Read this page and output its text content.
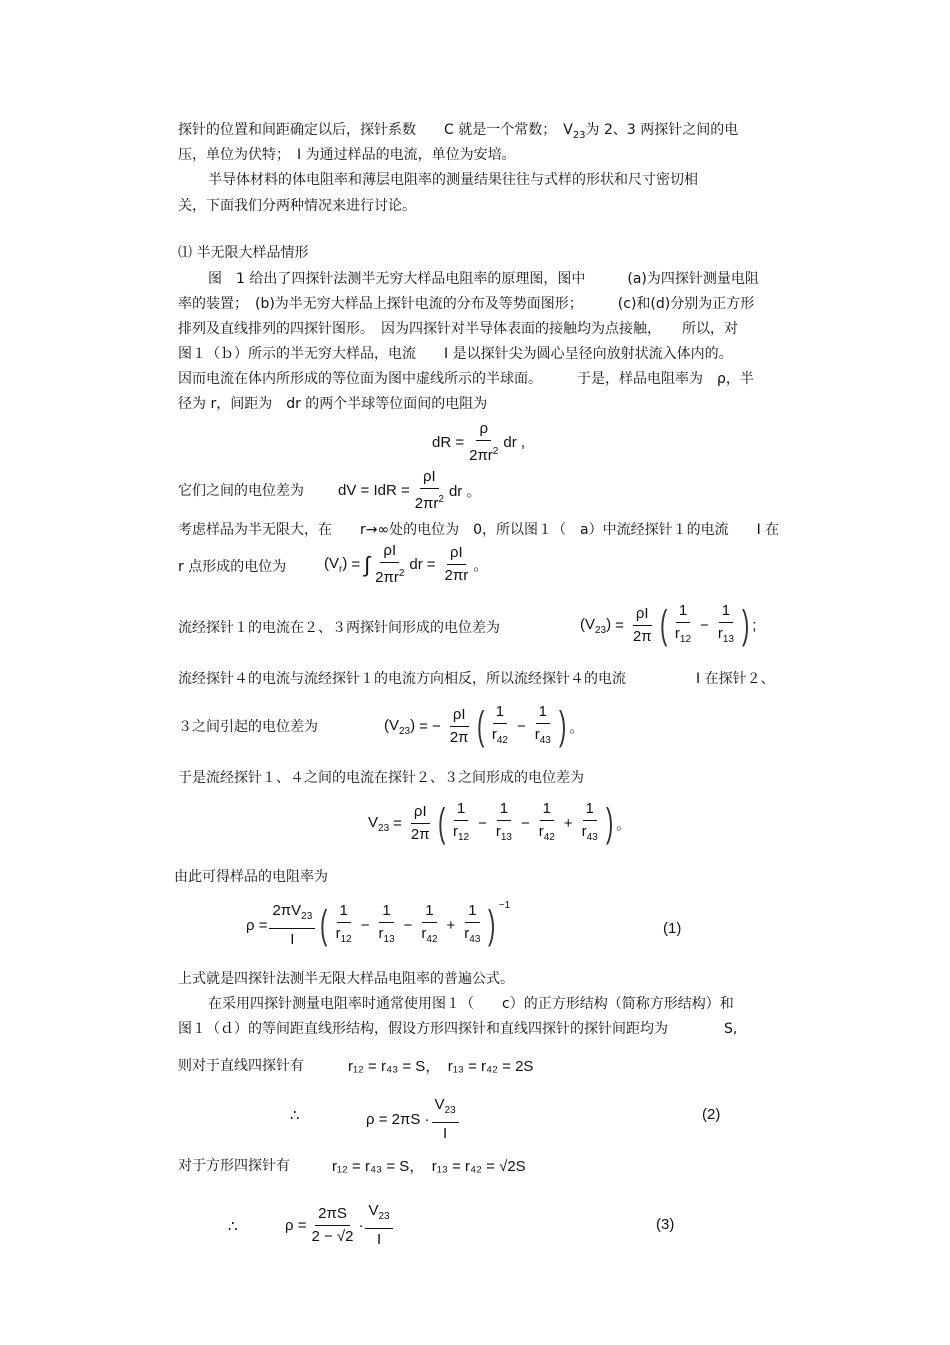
探针的位置和间距确定以后，探针系数　　C 就是一个常数；　$V_{23}$为 2、3 两探针之间的电
压，单位为伏特；　I 为通过样品的电流，单位为安培。
半导体材料的体电阻率和薄层电阻率的测量结果往往与式样的形状和尺寸密切相
关，下面我们分两种情况来进行讨论。
⑴ 半无限大样品情形
图　1 给出了四探针法测半无穷大样品电阻率的原理图，图中　　　(a)为四探针测量电阻
率的装置；　(b)为半无穷大样品上探针电流的分布及等势面图形；　　　(c)和(d)分别为正方形
排列及直线排列的四探针图形。　因为四探针对半导体表面的接触均为点接触，　　所以，对
图１（ｂ）所示的半无穷大样品，电流　　I 是以探针尖为圆心呈径向放射状流入体内的。
因而电流在体内所形成的等位面为图中虚线所示的半球面。　　　于是，样品电阻率为　ρ，半
径为 r，间距为　dr 的两个半球等位面间的电阻为
dR = $\frac{\rho}{2\pi r^2}$ dr ,
它们之间的电位差为 dV = IdR = $\frac{\rho I}{2\pi r^2}$ dr 。
考虑样品为半无限大，在　　r→∞处的电位为　0，所以图１（　a）中流经探针１的电流　　I 在
r 点形成的电位为	$(V_r)$ = ∫ $\frac{\rho I}{2\pi r^2}$ dr = $\frac{\rho I}{2\pi r}$ 。
流经探针１的电流在２、３两探针间形成的电位差为	$(V_{23}) = \frac{\rho I}{2\pi}$ ( $\frac{1}{r_{12}} - \frac{1}{r_{13}}$ ) ;
流经探针４的电流与流经探针１的电流方向相反，所以流经探针４的电流　　　　　I 在探针２、
３之间引起的电位差为	$(V_{23})$ = − $\frac{\rho I}{2\pi}$ ( $\frac{1}{r_{42}} - \frac{1}{r_{43}}$ ) 。
于是流经探针１、４之间的电流在探针２、３之间形成的电位差为
$V_{23} = \frac{\rho I}{2\pi}$ ( $\frac{1}{r_{12}} - \frac{1}{r_{13}} - \frac{1}{r_{42}} + \frac{1}{r_{43}}$ ) 。
由此可得样品的电阻率为
$\rho = \frac{2\pi V_{23}}{I}$ ( $\frac{1}{r_{12}} - \frac{1}{r_{13}} - \frac{1}{r_{42}} + \frac{1}{r_{43}}$ ) $^{-1}$
(1)
上式就是四探针法测半无限大样品电阻率的普遍公式。
在采用四探针测量电阻率时通常使用图１（　　c）的正方形结构（简称方形结构）和
图１（ｄ）的等间距直线形结构，假设方形四探针和直线四探针的探针间距均为　　　　S,
则对于直线四探针有	r₁₂ = r₄₃ = S，　r₁₃ = r₄₂ = 2S
∴	$\rho = 2\pi S \cdot \frac{V_{23}}{I}$	(2)
对于方形四探针有	r₁₂ = r₄₃ = S，　r₁₃ = r₄₂ = √2S
∴	$\rho = \frac{2\pi S}{2 - √2} \cdot \frac{V_{23}}{I}$	(3)
